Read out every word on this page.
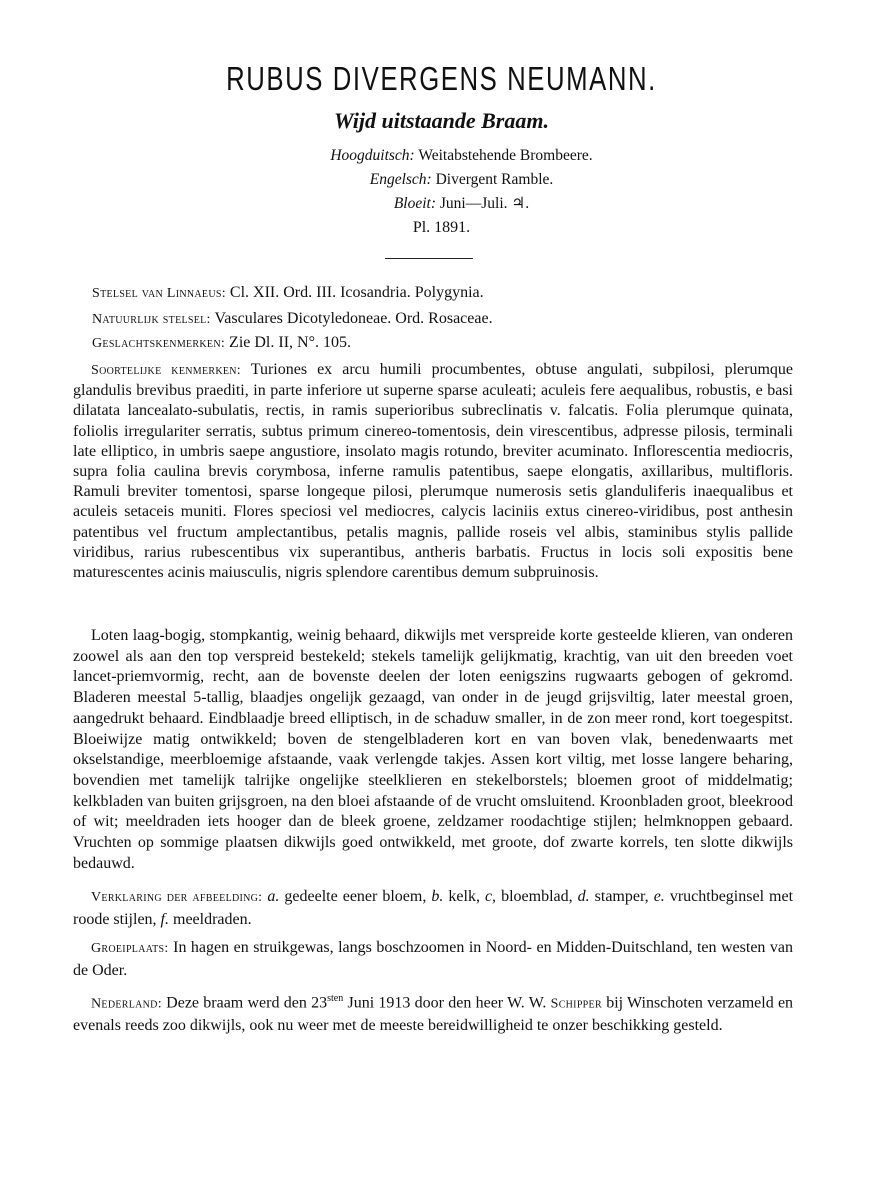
RUBUS DIVERGENS NEUMANN.
Wijd uitstaande Braam.
Hoogduitsch: Weitabstehende Brombeere.
Engelsch: Divergent Ramble.
Bloeit: Juni—Juli. ♃.
Pl. 1891.
Stelsel van Linnaeus: Cl. XII. Ord. III. Icosandria. Polygynia.
Natuurlijk stelsel: Vasculares Dicotyledoneae. Ord. Rosaceae.
Geslachtskenmerken: Zie Dl. II, N°. 105.
Soortelijke kenmerken: Turiones ex arcu humili procumbentes, obtuse angulati, subpilosi, plerumque glandulis brevibus praediti, in parte inferiore ut superne sparse aculeati; aculeis fere aequalibus, robustis, e basi dilatata lancealato-subulatis, rectis, in ramis superioribus subreclinatis v. falcatis. Folia plerumque quinata, foliolis irregulariter serratis, subtus primum cinereo-tomentosis, dein virescentibus, adpresse pilosis, terminali late elliptico, in umbris saepe angustiore, insolato magis rotundo, breviter acuminato. Inflorescentia mediocris, supra folia caulina brevis corymbosa, inferne ramulis patentibus, saepe elongatis, axillaribus, multifloris. Ramuli breviter tomentosi, sparse longeque pilosi, plerumque numerosis setis glanduliferis inaequalibus et aculeis setaceis muniti. Flores speciosi vel mediocres, calycis laciniis extus cinereo-viridibus, post anthesin patentibus vel fructum amplectantibus, petalis magnis, pallide roseis vel albis, staminibus stylis pallide viridibus, rarius rubescentibus vix superantibus, antheris barbatis. Fructus in locis soli expositis bene maturescentes acinis maiusculis, nigris splendore carentibus demum subpruinosis.
Loten laag-bogig, stompkantig, weinig behaard, dikwijls met verspreide korte gesteelde klieren, van onderen zoowel als aan den top verspreid bestekeld; stekels tamelijk gelijkmatig, krachtig, van uit den breeden voet lancet-priemvormig, recht, aan de bovenste deelen der loten eenigszins rugwaarts gebogen of gekromd. Bladeren meestal 5-tallig, blaadjes ongelijk gezaagd, van onder in de jeugd grijsviltig, later meestal groen, aangedrukt behaard. Eindblaadje breed elliptisch, in de schaduw smaller, in de zon meer rond, kort toegespitst. Bloeiwijze matig ontwikkeld; boven de stengelbladeren kort en van boven vlak, benedenwaarts met okselstandige, meerbloemige afstaande, vaak verlengde takjes. Assen kort viltig, met losse langere beharing, bovendien met tamelijk talrijke ongelijke steelklieren en stekelborstels; bloemen groot of middelmatig; kelkbladen van buiten grijsgroen, na den bloei afstaande of de vrucht omsluitend. Kroonbladen groot, bleekrood of wit; meeldraden iets hooger dan de bleek groene, zeldzamer roodachtige stijlen; helmknoppen gebaard. Vruchten op sommige plaatsen dikwijls goed ontwikkeld, met groote, dof zwarte korrels, ten slotte dikwijls bedauwd.
Verklaring der afbeelding: a. gedeelte eener bloem, b. kelk, c, bloemblad, d. stamper, e. vruchtbeginsel met roode stijlen, f. meeldraden.
Groeiplaats: In hagen en struikgewas, langs boschzoomen in Noord- en Midden-Duitschland, ten westen van de Oder.
Nederland: Deze braam werd den $23^{sten}$ Juni 1913 door den heer W. W. Schipper bij Winschoten verzameld en evenals reeds zoo dikwijls, ook nu weer met de meeste bereidwilligheid te onzer beschikking gesteld.
